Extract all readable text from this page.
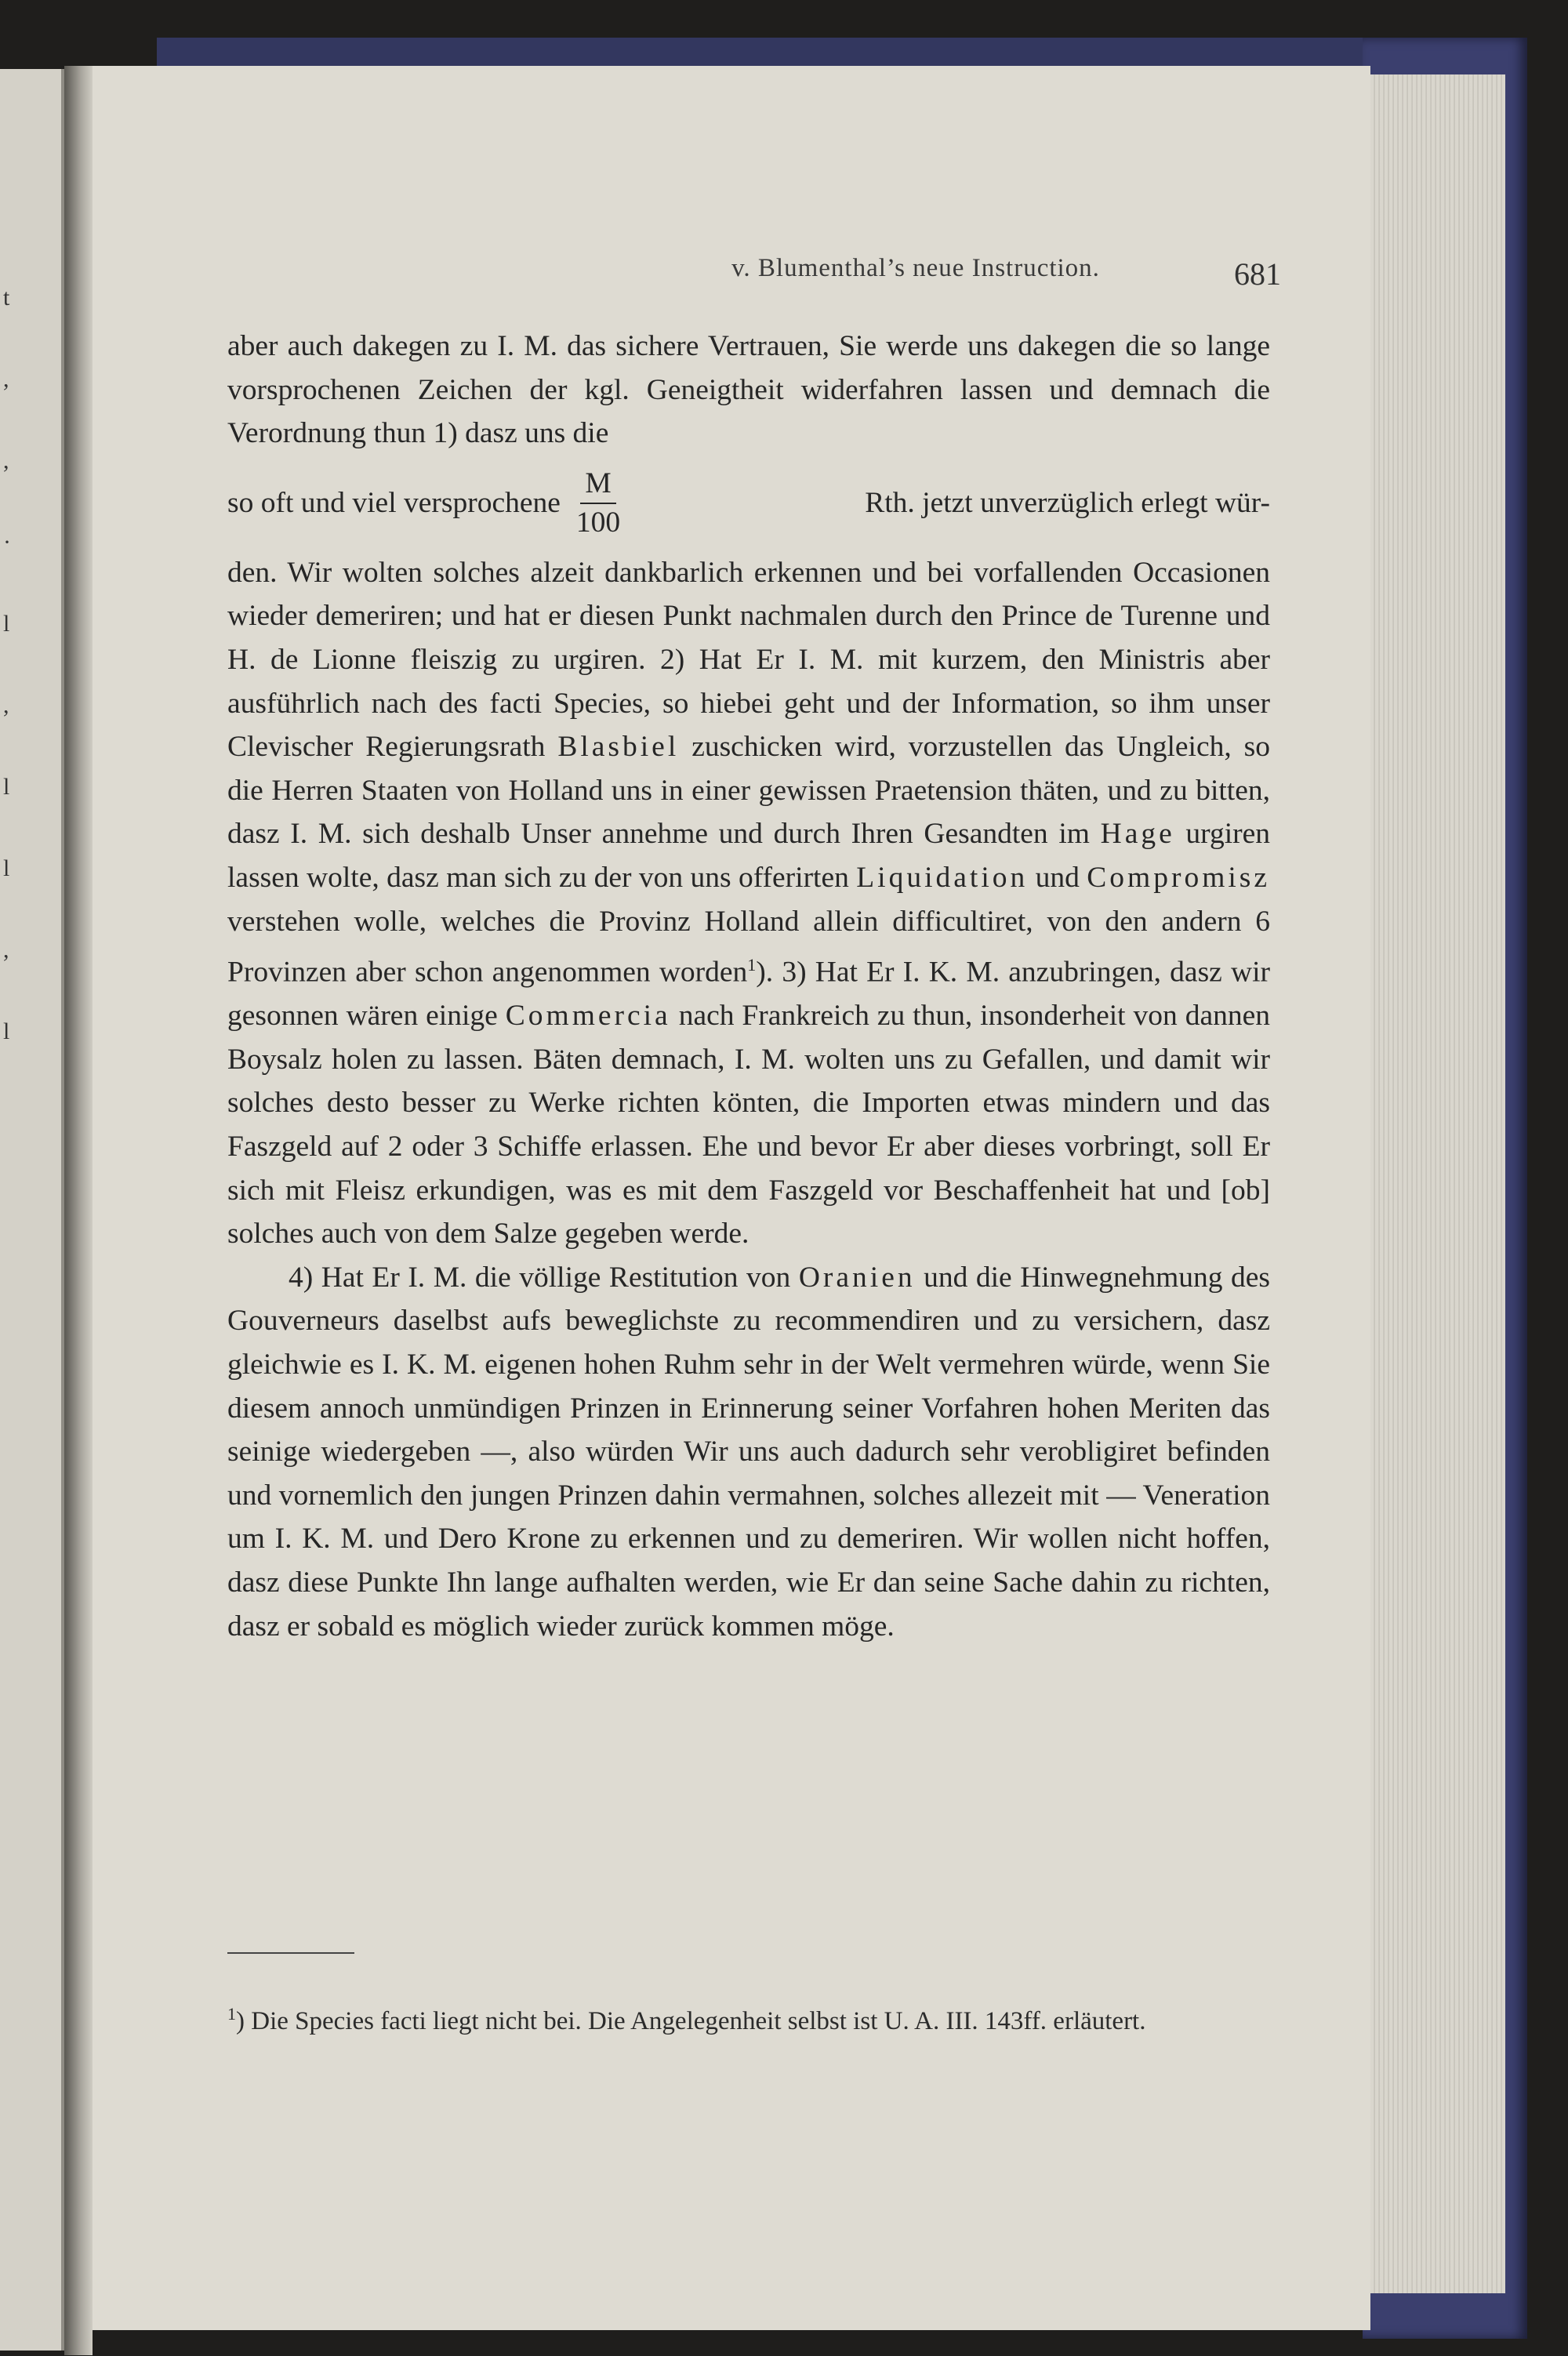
t
,
,
·
l
,
l
l
,
l
v. Blumenthal’s neue Instruction.	681

aber auch dakegen zu I. M. das sichere Vertrauen, Sie werde uns dakegen die so lange vorsprochenen Zeichen der kgl. Geneigtheit widerfahren lassen und demnach die Verordnung thun 1) dasz uns die

so oft und viel versprochene $\frac{M}{100}$	Rth. jetzt unverzüglich erlegt wür-

den. Wir wolten solches alzeit dankbarlich erkennen und bei vorfallenden Occasionen wieder demeriren; und hat er diesen Punkt nachmalen durch den Prince de Turenne und H. de Lionne fleiszig zu urgiren. 2) Hat Er I. M. mit kurzem, den Ministris aber ausführlich nach des facti Species, so hiebei geht und der Information, so ihm unser Clevischer Regierungsrath Blasbiel zuschicken wird, vorzustellen das Ungleich, so die Herren Staaten von Holland uns in einer gewissen Praetension thäten, und zu bitten, dasz I. M. sich deshalb Unser annehme und durch Ihren Gesandten im Hage urgiren lassen wolte, dasz man sich zu der von uns offerirten Liquidation und Compromisz verstehen wolle, welches die Provinz Holland allein difficultiret, von den andern 6 Provinzen aber schon angenommen worden$^1$). 3) Hat Er I. K. M. anzubringen, dasz wir gesonnen wären einige Commercia nach Frankreich zu thun, insonderheit von dannen Boysalz holen zu lassen. Bäten demnach, I. M. wolten uns zu Gefallen, und damit wir solches desto besser zu Werke richten könten, die Importen etwas mindern und das Faszgeld auf 2 oder 3 Schiffe erlassen. Ehe und bevor Er aber dieses vorbringt, soll Er sich mit Fleisz erkundigen, was es mit dem Faszgeld vor Beschaffenheit hat und [ob] solches auch von dem Salze gegeben werde.

4) Hat Er I. M. die völlige Restitution von Oranien und die Hinwegnehmung des Gouverneurs daselbst aufs beweglichste zu recommendiren und zu versichern, dasz gleichwie es I. K. M. eigenen hohen Ruhm sehr in der Welt vermehren würde, wenn Sie diesem annoch unmündigen Prinzen in Erinnerung seiner Vorfahren hohen Meriten das seinige wiedergeben —, also würden Wir uns auch dadurch sehr verobligiret befinden und vornemlich den jungen Prinzen dahin vermahnen, solches allezeit mit — Veneration um I. K. M. und Dero Krone zu erkennen und zu demeriren. Wir wollen nicht hoffen, dasz diese Punkte Ihn lange aufhalten werden, wie Er dan seine Sache dahin zu richten, dasz er sobald es möglich wieder zurück kommen möge.

$^1$) Die Species facti liegt nicht bei. Die Angelegenheit selbst ist U. A. III. 143ff. erläutert.
